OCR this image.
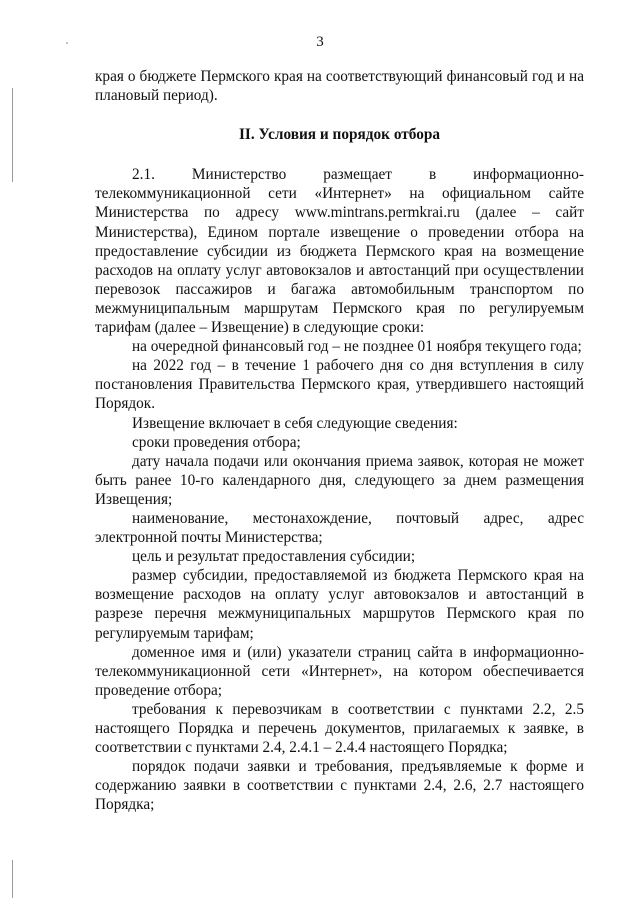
3

края о бюджете Пермского края на соответствующий финансовый год и на плановый период).

II. Условия и порядок отбора

2.1. Министерство размещает в информационно-телекоммуникационной сети «Интернет» на официальном сайте Министерства по адресу www.mintrans.permkrai.ru (далее – сайт Министерства), Едином портале извещение о проведении отбора на предоставление субсидии из бюджета Пермского края на возмещение расходов на оплату услуг автовокзалов и автостанций при осуществлении перевозок пассажиров и багажа автомобильным транспортом по межмуниципальным маршрутам Пермского края по регулируемым тарифам (далее – Извещение) в следующие сроки:

на очередной финансовый год – не позднее 01 ноября текущего года;

на 2022 год – в течение 1 рабочего дня со дня вступления в силу постановления Правительства Пермского края, утвердившего настоящий Порядок.

Извещение включает в себя следующие сведения:

сроки проведения отбора;

дату начала подачи или окончания приема заявок, которая не может быть ранее 10-го календарного дня, следующего за днем размещения Извещения;

наименование, местонахождение, почтовый адрес, адрес электронной почты Министерства;

цель и результат предоставления субсидии;

размер субсидии, предоставляемой из бюджета Пермского края на возмещение расходов на оплату услуг автовокзалов и автостанций в разрезе перечня межмуниципальных маршрутов Пермского края по регулируемым тарифам;

доменное имя и (или) указатели страниц сайта в информационно-телекоммуникационной сети «Интернет», на котором обеспечивается проведение отбора;

требования к перевозчикам в соответствии с пунктами 2.2, 2.5 настоящего Порядка и перечень документов, прилагаемых к заявке, в соответствии с пунктами 2.4, 2.4.1 – 2.4.4 настоящего Порядка;

порядок подачи заявки и требования, предъявляемые к форме и содержанию заявки в соответствии с пунктами 2.4, 2.6, 2.7 настоящего Порядка;
